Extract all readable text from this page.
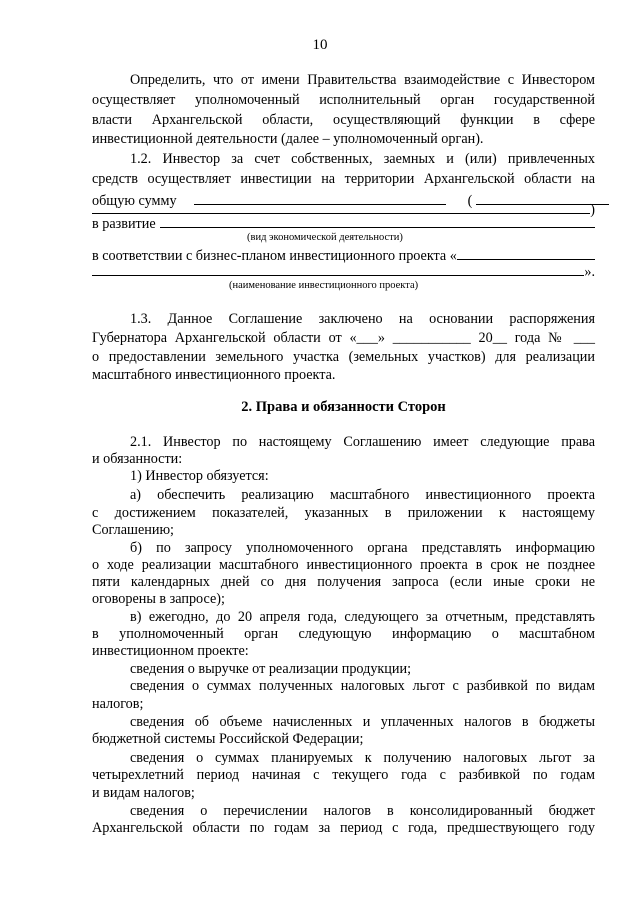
10
Определить, что от имени Правительства взаимодействие с Инвестором
осуществляет уполномоченный исполнительный орган государственной
власти Архангельской области, осуществляющий функции в сфере
инвестиционной деятельности (далее – уполномоченный орган).
1.2. Инвестор за счет собственных, заемных и (или) привлеченных
средств осуществляет инвестиции на территории Архангельской области на
общую сумму	(
)
в развитие
(вид экономической деятельности)
в соответствии с бизнес-планом инвестиционного проекта «
».
(наименование инвестиционного проекта)
1.3. Данное Соглашение заключено на основании распоряжения
Губернатора Архангельской области от «___» ___________ 20__ года № ___
о предоставлении земельного участка (земельных участков) для реализации
масштабного инвестиционного проекта.
2. Права и обязанности Сторон
2.1. Инвестор по настоящему Соглашению имеет следующие права
и обязанности:
1) Инвестор обязуется:
а) обеспечить реализацию масштабного инвестиционного проекта
с достижением показателей, указанных в приложении к настоящему
Соглашению;
б) по запросу уполномоченного органа представлять информацию
о ходе реализации масштабного инвестиционного проекта в срок не позднее
пяти календарных дней со дня получения запроса (если иные сроки не
оговорены в запросе);
в) ежегодно, до 20 апреля года, следующего за отчетным, представлять
в уполномоченный орган следующую информацию о масштабном
инвестиционном проекте:
сведения о выручке от реализации продукции;
сведения о суммах полученных налоговых льгот с разбивкой по видам
налогов;
сведения об объеме начисленных и уплаченных налогов в бюджеты
бюджетной системы Российской Федерации;
сведения о суммах планируемых к получению налоговых льгот за
четырехлетний период начиная с текущего года с разбивкой по годам
и видам налогов;
сведения о перечислении налогов в консолидированный бюджет
Архангельской области по годам за период с года, предшествующего году
